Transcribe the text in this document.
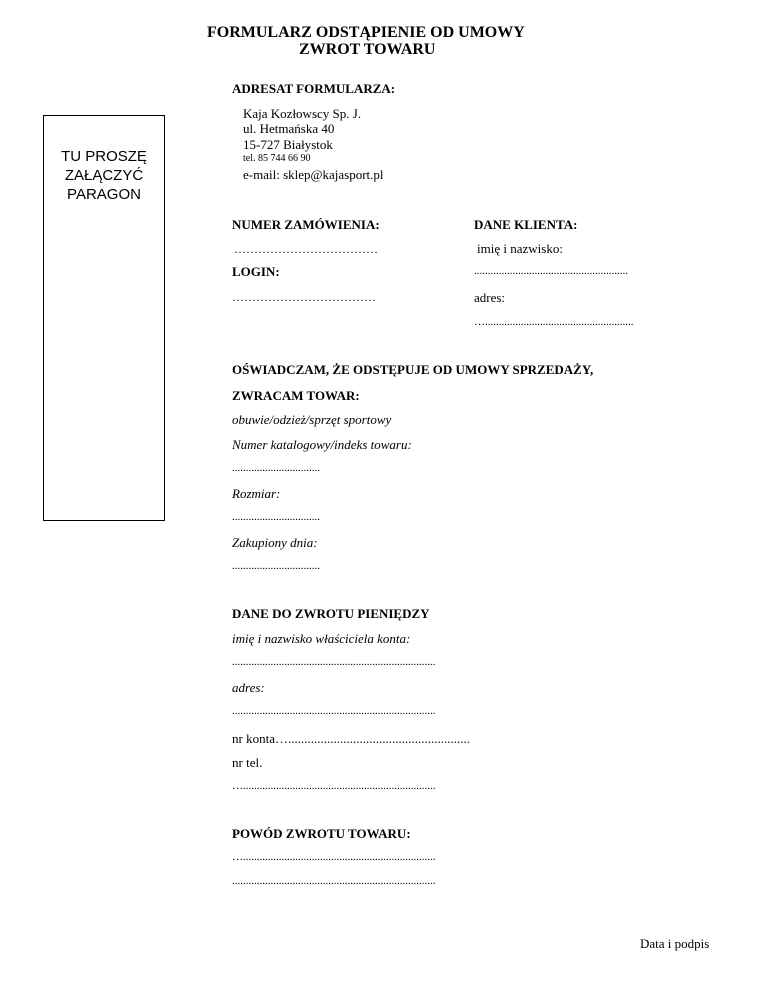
FORMULARZ ODSTĄPIENIE OD UMOWY
ZWROT TOWARU
TU PROSZĘ
ZAŁĄCZYĆ
PARAGON
ADRESAT FORMULARZA:
Kaja Kozłowscy Sp. J.
ul. Hetmańska 40
15-727 Białystok
tel. 85 744 66 90
e-mail: sklep@kajasport.pl
NUMER ZAMÓWIENIA:
………………………………
LOGIN:
………………………………
DANE KLIENTA:
imię i nazwisko:
........................................................
adres:
…......................................................
OŚWIADCZAM, ŻE ODSTĘPUJE OD UMOWY SPRZEDAŻY,
ZWRACAM TOWAR:
obuwie/odzież/sprzęt sportowy
Numer katalogowy/indeks towaru:
................................
Rozmiar:
................................
Zakupiony dnia:
................................
DANE DO ZWROTU PIENIĘDZY
imię i nazwisko właściciela konta:
..........................................................................
adres:
..........................................................................
nr konta…........................................................
nr tel.
…......................................................................
POWÓD ZWROTU TOWARU:
…......................................................................
..........................................................................
Data i podpis
